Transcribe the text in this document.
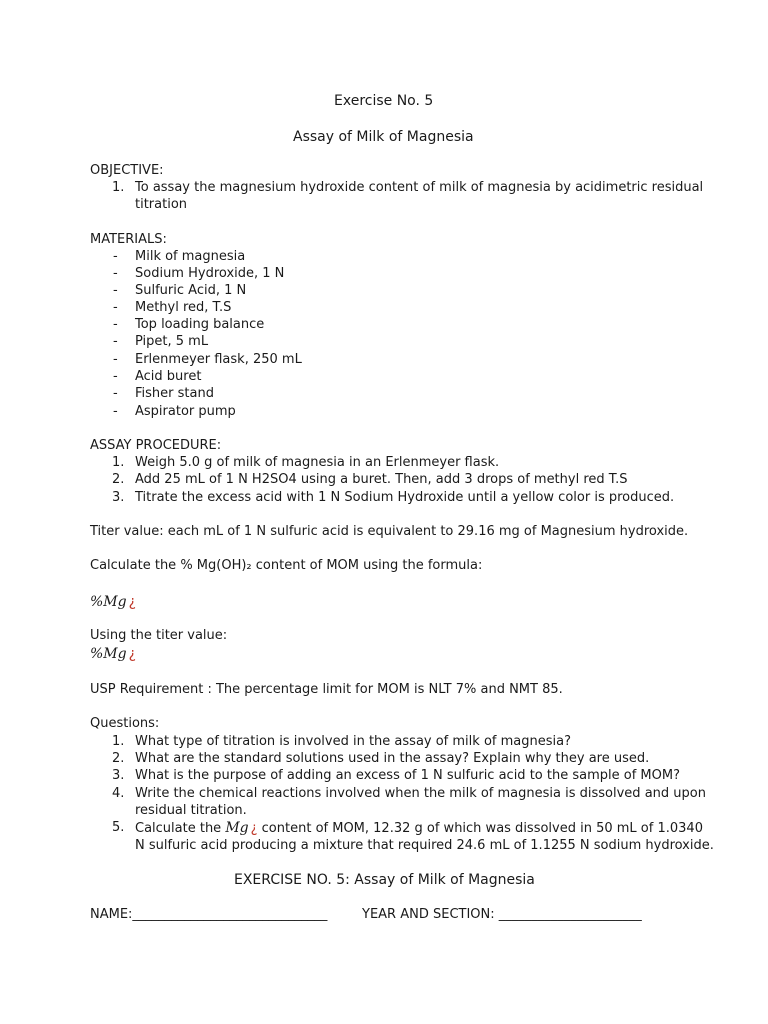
Exercise No. 5
Assay of Milk of Magnesia
OBJECTIVE:
1. To assay the magnesium hydroxide content of milk of magnesia by acidimetric residual
titration
MATERIALS:
- Milk of magnesia
- Sodium Hydroxide, 1 N
- Sulfuric Acid, 1 N
- Methyl red, T.S
- Top loading balance
- Pipet, 5 mL
- Erlenmeyer flask, 250 mL
- Acid buret
- Fisher stand
- Aspirator pump
ASSAY PROCEDURE:
1. Weigh 5.0 g of milk of magnesia in an Erlenmeyer flask.
2. Add 25 mL of 1 N H2SO4 using a buret. Then, add 3 drops of methyl red T.S
3. Titrate the excess acid with 1 N Sodium Hydroxide until a yellow color is produced.
Titer value: each mL of 1 N sulfuric acid is equivalent to 29.16 mg of Magnesium hydroxide.
Calculate the % Mg(OH)₂ content of MOM using the formula:
%Mg ¿
Using the titer value:
%Mg ¿
USP Requirement : The percentage limit for MOM is NLT 7% and NMT 85.
Questions:
1. What type of titration is involved in the assay of milk of magnesia?
2. What are the standard solutions used in the assay? Explain why they are used.
3. What is the purpose of adding an excess of 1 N sulfuric acid to the sample of MOM?
4. Write the chemical reactions involved when the milk of magnesia is dissolved and upon
residual titration.
5. Calculate the Mg ¿ content of MOM, 12.32 g of which was dissolved in 50 mL of 1.0340
N sulfuric acid producing a mixture that required 24.6 mL of 1.1255 N sodium hydroxide.
EXERCISE NO. 5: Assay of Milk of Magnesia
NAME:______________________________	YEAR AND SECTION: ______________________
